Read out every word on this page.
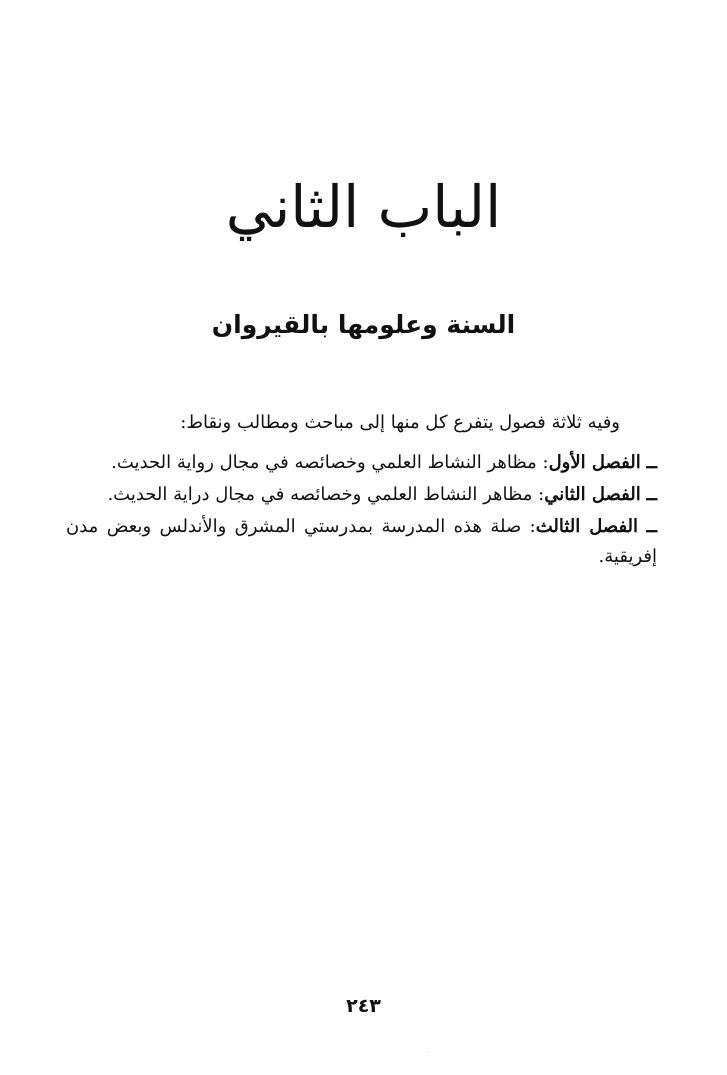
الباب الثاني
السنة وعلومها بالقيروان

وفيه ثلاثة فصول يتفرع كل منها إلى مباحث ومطالب ونقاط:

ــ الفصل الأول: مظاهر النشاط العلمي وخصائصه في مجال رواية الحديث.
ــ الفصل الثاني: مظاهر النشاط العلمي وخصائصه في مجال دراية الحديث.
ــ الفصل الثالث: صلة هذه المدرسة بمدرستي المشرق والأندلس وبعض مدن إفريقية.
٢٤٣
